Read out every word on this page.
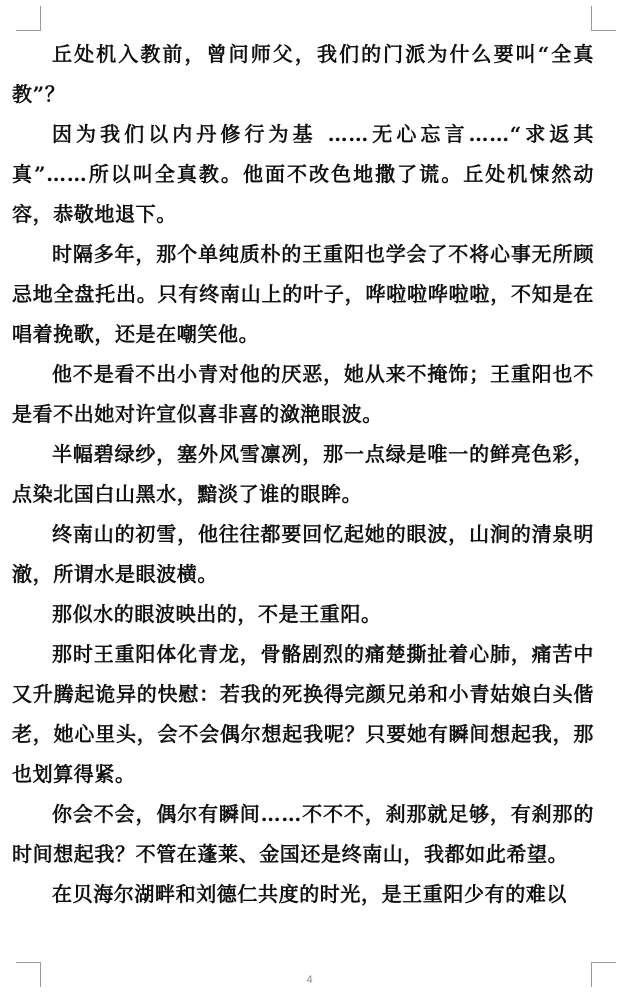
丘处机入教前，曾问师父，我们的门派为什么要叫“全真教”？

因为我们以内丹修行为基 ……无心忘言……“求返其真”……所以叫全真教。他面不改色地撒了谎。丘处机悚然动容，恭敬地退下。

时隔多年，那个单纯质朴的王重阳也学会了不将心事无所顾忌地全盘托出。只有终南山上的叶子，哗啦啦哗啦啦，不知是在唱着挽歌，还是在嘲笑他。

他不是看不出小青对他的厌恶，她从来不掩饰；王重阳也不是看不出她对许宣似喜非喜的潋滟眼波。

半幅碧绿纱，塞外风雪凛冽，那一点绿是唯一的鲜亮色彩，点染北国白山黑水，黯淡了谁的眼眸。

终南山的初雪，他往往都要回忆起她的眼波，山涧的清泉明澈，所谓水是眼波横。

那似水的眼波映出的，不是王重阳。

那时王重阳体化青龙，骨骼剧烈的痛楚撕扯着心肺，痛苦中又升腾起诡异的快慰：若我的死换得完颜兄弟和小青姑娘白头偕老，她心里头，会不会偶尔想起我呢？只要她有瞬间想起我，那也划算得紧。

你会不会，偶尔有瞬间……不不不，刹那就足够，有刹那的时间想起我？不管在蓬莱、金国还是终南山，我都如此希望。

在贝海尔湖畔和刘德仁共度的时光，是王重阳少有的难以

4
